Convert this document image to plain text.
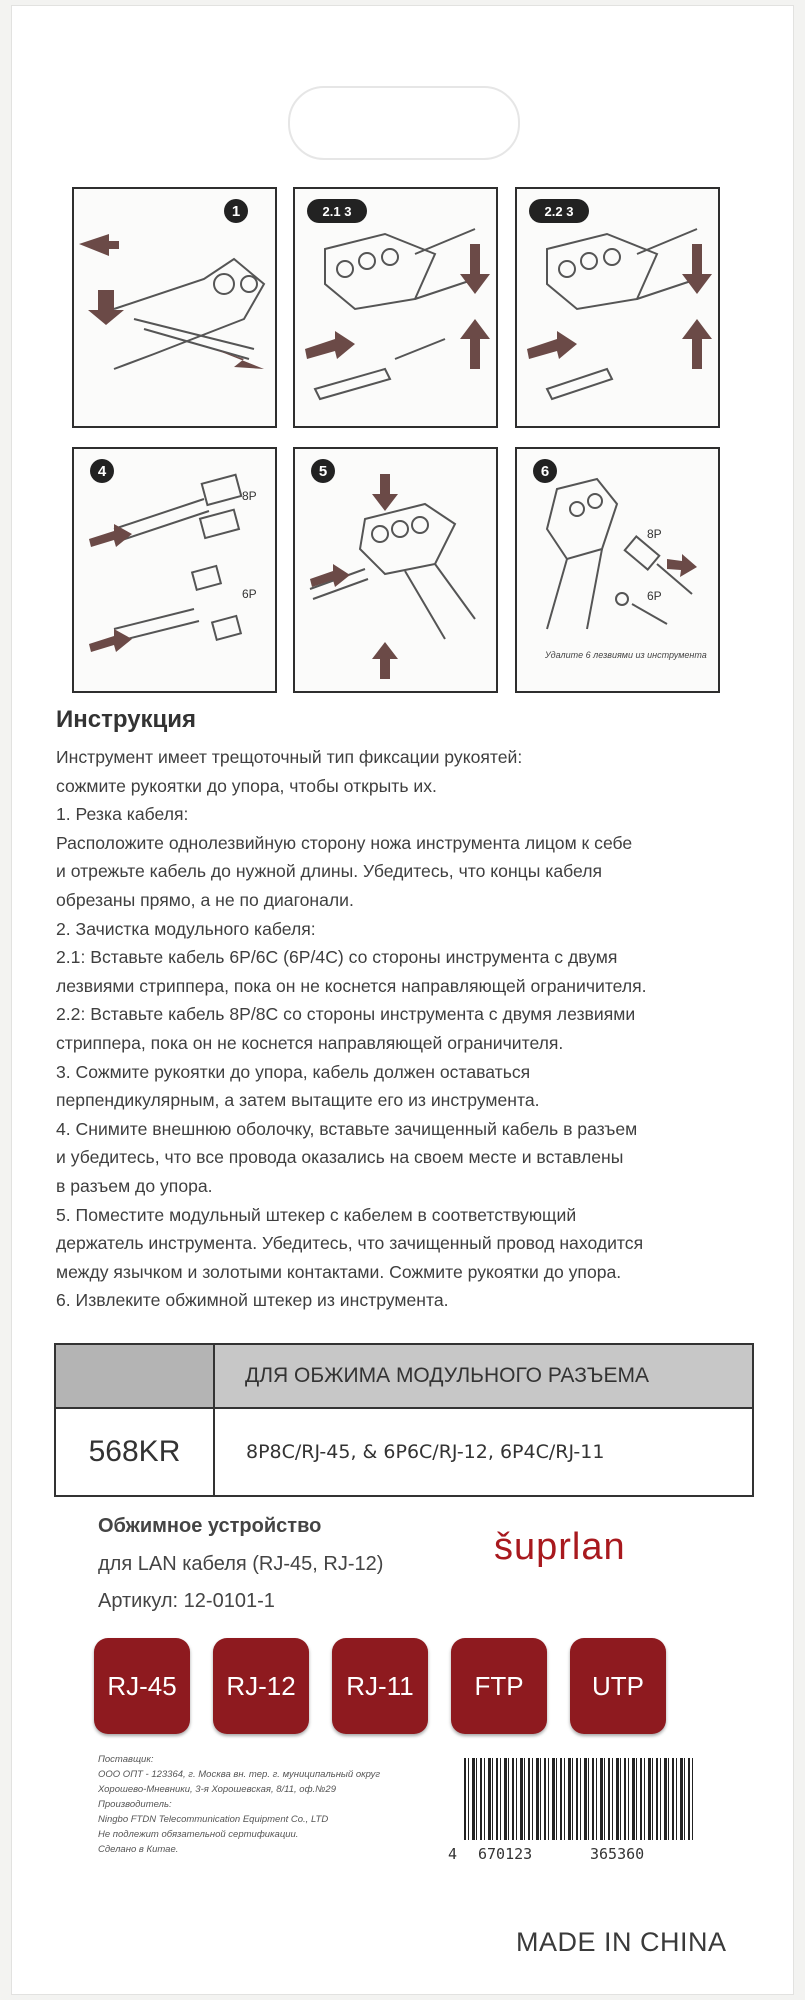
1	2.1 3	2.2 3
4
8P
6P
5	6
8P
6P
Удалите 6 лезвиями из инструмента
Инструкция

Инструмент имеет трещоточный тип фиксации рукоятей:

сожмите рукоятки до упора, чтобы открыть их.

1. Резка кабеля:

Расположите однолезвийную сторону ножа инструмента лицом к себе

и отрежьте кабель до нужной длины. Убедитесь, что концы кабеля

обрезаны прямо, а не по диагонали.

2. Зачистка модульного кабеля:

2.1: Вставьте кабель 6P/6C (6P/4C) со стороны инструмента с двумя

лезвиями стриппера, пока он не коснется направляющей ограничителя.

2.2: Вставьте кабель 8P/8C со стороны инструмента с двумя лезвиями

стриппера, пока он не коснется направляющей ограничителя.

3. Сожмите рукоятки до упора, кабель должен оставаться

перпендикулярным, а затем вытащите его из инструмента.

4. Снимите внешнюю оболочку, вставьте зачищенный кабель в разъем

и убедитесь, что все провода оказались на своем месте и вставлены

в разъем до упора.

5. Поместите модульный штекер с кабелем в соответствующий

держатель инструмента. Убедитесь, что зачищенный провод находится

между язычком и золотыми контактами. Сожмите рукоятки до упора.

6. Извлеките обжимной штекер из инструмента.

ДЛЯ ОБЖИМА МОДУЛЬНОГО РАЗЪЕМА
568KR	8P8C/RJ-45, & 6P6C/RJ-12, 6P4C/RJ-11
Обжимное устройство
для LAN кабеля (RJ-45, RJ-12)
Артикул: 12-0101-1
šuprlan
RJ-45	RJ-12	RJ-11	FTP	UTP

Поставщик:

ООО ОПТ - 123364, г. Москва вн. тер. г. муниципальный округ

Хорошево-Мневники, 3-я Хорошевская, 8/11, оф.№29

Производитель:

Ningbo FTDN Telecommunication Equipment Co., LTD

Не подлежит обязательной сертификации.

Сделано в Китае.	4 670123	365360
MADE IN CHINA
